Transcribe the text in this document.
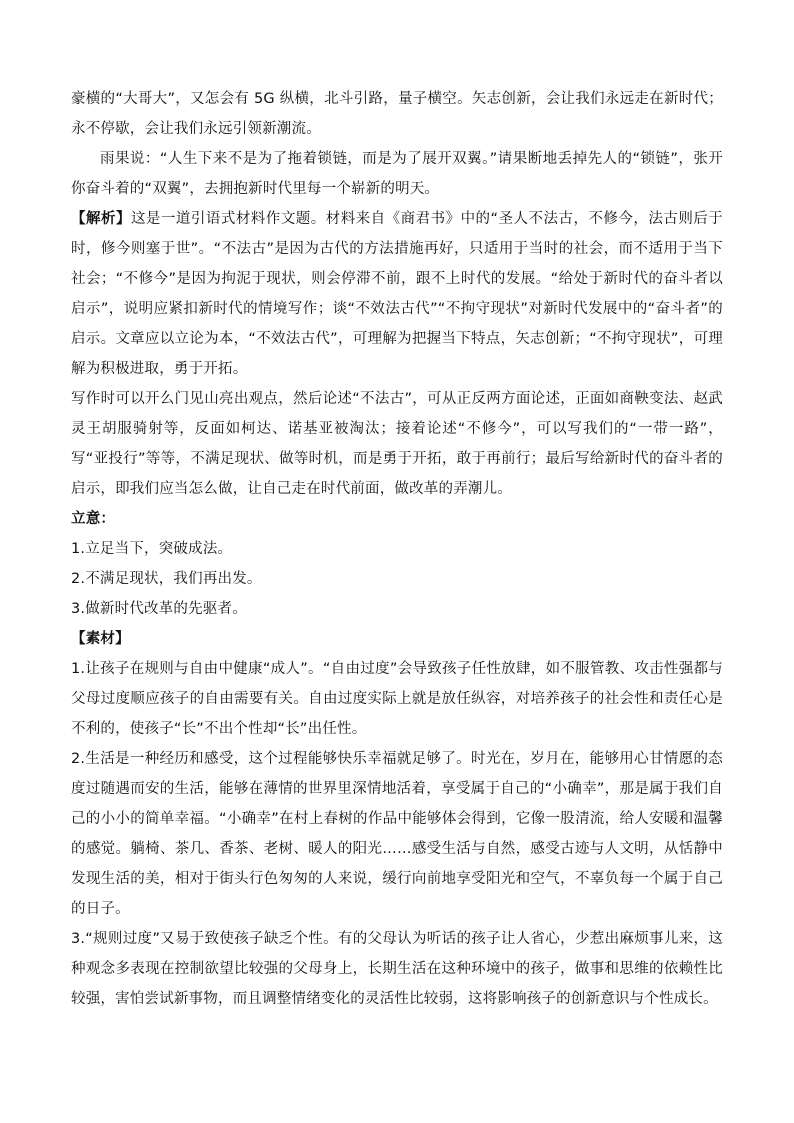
豪横的“大哥大”，又怎会有 5G 纵横，北斗引路，量子横空。矢志创新，会让我们永远走在新时代；永不停歇，会让我们永远引领新潮流。

雨果说：“人生下来不是为了拖着锁链，而是为了展开双翼。”请果断地丢掉先人的“锁链”，张开你奋斗着的“双翼”，去拥抱新时代里每一个崭新的明天。

【解析】这是一道引语式材料作文题。材料来自《商君书》中的“圣人不法古，不修今，法古则后于时，修今则塞于世”。“不法古”是因为古代的方法措施再好，只适用于当时的社会，而不适用于当下社会；“不修今”是因为拘泥于现状，则会停滞不前，跟不上时代的发展。“给处于新时代的奋斗者以启示”，说明应紧扣新时代的情境写作；谈“不效法古代”“不拘守现状”对新时代发展中的“奋斗者”的启示。文章应以立论为本，“不效法古代”，可理解为把握当下特点，矢志创新；“不拘守现状”，可理解为积极进取，勇于开拓。

写作时可以开么门见山亮出观点，然后论述“不法古”，可从正反两方面论述，正面如商鞅变法、赵武灵王胡服骑射等，反面如柯达、诺基亚被淘汰；接着论述“不修今”，可以写我们的“一带一路”，写“亚投行”等等，不满足现状、做等时机，而是勇于开拓，敢于再前行；最后写给新时代的奋斗者的启示，即我们应当怎么做，让自己走在时代前面，做改革的弄潮儿。

立意：

1.立足当下，突破成法。

2.不满足现状，我们再出发。

3.做新时代改革的先驱者。

【素材】

1.让孩子在规则与自由中健康“成人”。“自由过度”会导致孩子任性放肆，如不服管教、攻击性强都与父母过度顺应孩子的自由需要有关。自由过度实际上就是放任纵容，对培养孩子的社会性和责任心是不利的，使孩子“长”不出个性却“长”出任性。

2.生活是一种经历和感受，这个过程能够快乐幸福就足够了。时光在，岁月在，能够用心甘情愿的态度过随遇而安的生活，能够在薄情的世界里深情地活着，享受属于自己的“小确幸”，那是属于我们自己的小小的简单幸福。“小确幸”在村上春树的作品中能够体会得到，它像一股清流，给人安暖和温馨的感觉。躺椅、茶几、香茶、老树、暖人的阳光……感受生活与自然，感受古迹与人文明，从恬静中发现生活的美，相对于街头行色匆匆的人来说，缓行向前地享受阳光和空气，不辜负每一个属于自己的日子。

3.“规则过度”又易于致使孩子缺乏个性。有的父母认为听话的孩子让人省心，少惹出麻烦事儿来，这种观念多表现在控制欲望比较强的父母身上，长期生活在这种环境中的孩子，做事和思维的依赖性比较强，害怕尝试新事物，而且调整情绪变化的灵活性比较弱，这将影响孩子的创新意识与个性成长。
